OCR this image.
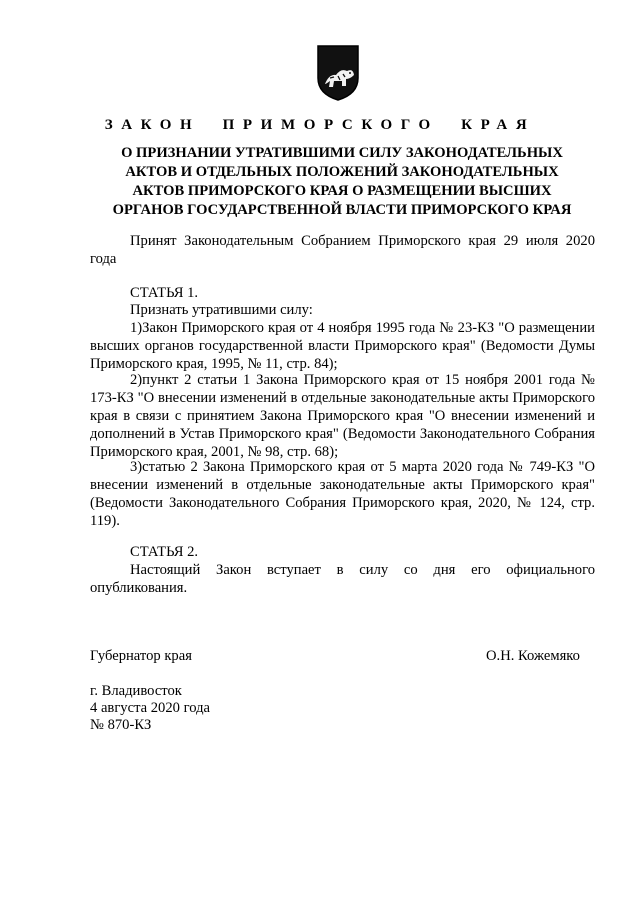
ЗАКОН ПРИМОРСКОГО КРАЯ
О ПРИЗНАНИИ УТРАТИВШИМИ СИЛУ ЗАКОНОДАТЕЛЬНЫХ
АКТОВ И ОТДЕЛЬНЫХ ПОЛОЖЕНИЙ ЗАКОНОДАТЕЛЬНЫХ
АКТОВ ПРИМОРСКОГО КРАЯ О РАЗМЕЩЕНИИ ВЫСШИХ
ОРГАНОВ ГОСУДАРСТВЕННОЙ ВЛАСТИ ПРИМОРСКОГО КРАЯ
Принят Законодательным Собранием Приморского края 29 июля 2020 года
СТАТЬЯ 1.
Признать утратившими силу:
1)Закон Приморского края от 4 ноября 1995 года № 23-КЗ "О размещении высших органов государственной власти Приморского края" (Ведомости Думы Приморского края, 1995, № 11, стр. 84);
2)пункт 2 статьи 1 Закона Приморского края от 15 ноября 2001 года № 173-КЗ "О внесении изменений в отдельные законодательные акты Приморского края в связи с принятием Закона Приморского края "О внесении изменений и дополнений в Устав Приморского края" (Ведомости Законодательного Собрания Приморского края, 2001, № 98, стр. 68);
3)статью 2 Закона Приморского края от 5 марта 2020 года № 749-КЗ "О внесении изменений в отдельные законодательные акты Приморского края" (Ведомости Законодательного Собрания Приморского края, 2020, № 124, стр. 119).
СТАТЬЯ 2.
Настоящий Закон вступает в силу со дня его официального опубликования.
Губернатор края	О.Н. Кожемяко
г. Владивосток
4 августа 2020 года
№ 870-КЗ
